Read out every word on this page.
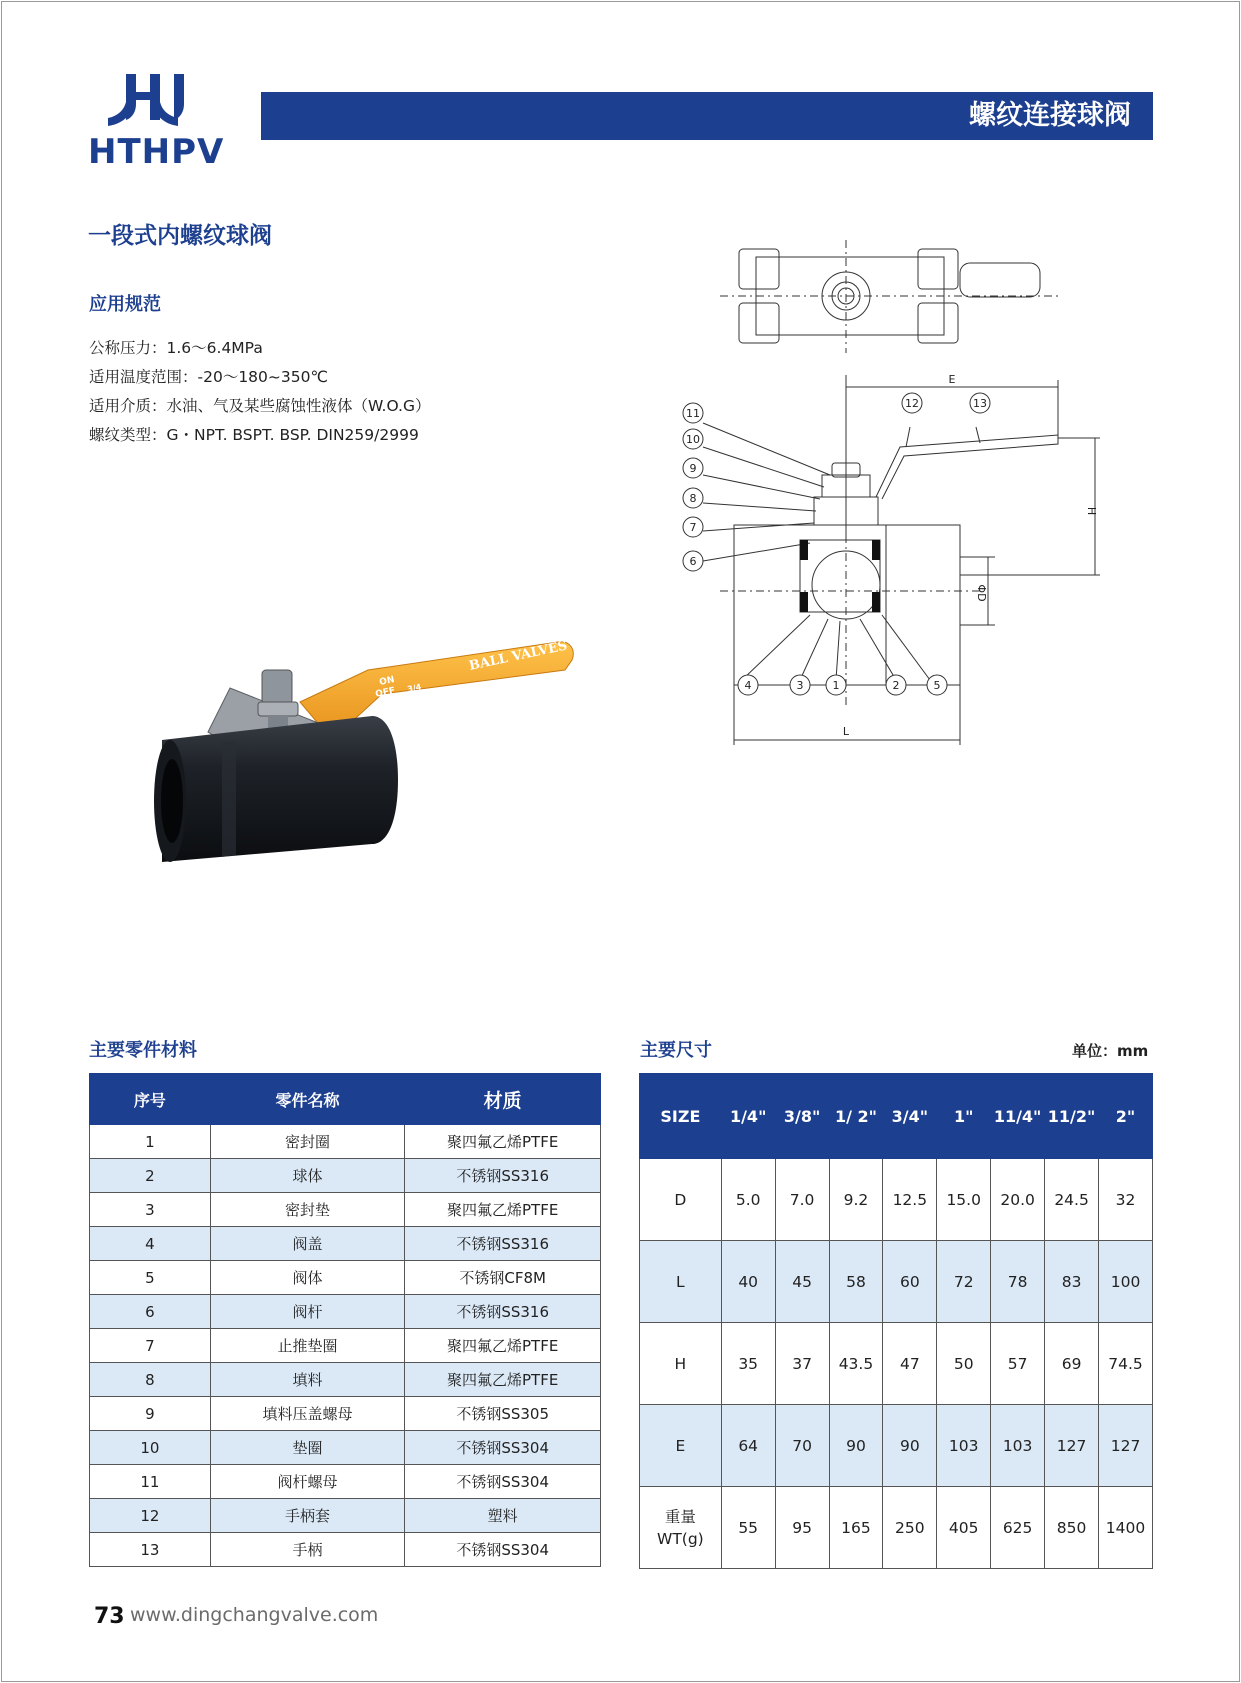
HTHPV
螺纹连接球阀
一段式内螺纹球阀
应用规范
公称压力：1.6～6.4MPa
适用温度范围：-20～180~350℃
适用介质：水油、气及某些腐蚀性液体（W.O.G）
螺纹类型：G・NPT. BSPT. BSP. DIN259/2999
BALL VALVES
ON
OFF 3/4
E
H
ΦD
L
11
10
9
8
7
6
4	3	1	2	5
12	13
主要零件材料	主要尺寸	单位：mm
序号	零件名称	材质
1	密封圈	聚四氟乙烯PTFE
2	球体	不锈钢SS316
3	密封垫	聚四氟乙烯PTFE
4	阀盖	不锈钢SS316
5	阀体	不锈钢CF8M
6	阀杆	不锈钢SS316
7	止推垫圈	聚四氟乙烯PTFE
8	填料	聚四氟乙烯PTFE
9	填料压盖螺母	不锈钢SS305
10	垫圈	不锈钢SS304
11	阀杆螺母	不锈钢SS304
12	手柄套	塑料
13	手柄	不锈钢SS304
SIZE	1/4"	3/8"	1/ 2"	3/4"	1"	11/4"	11/2"	2"
D	5.0	7.0	9.2	12.5	15.0	20.0	24.5	32
L	40	45	58	60	72	78	83	100
H	35	37	43.5	47	50	57	69	74.5
E	64	70	90	90	103	103	127	127
重量
WT(g)	55	95	165	250	405	625	850	1400
73 www.dingchangvalve.com
